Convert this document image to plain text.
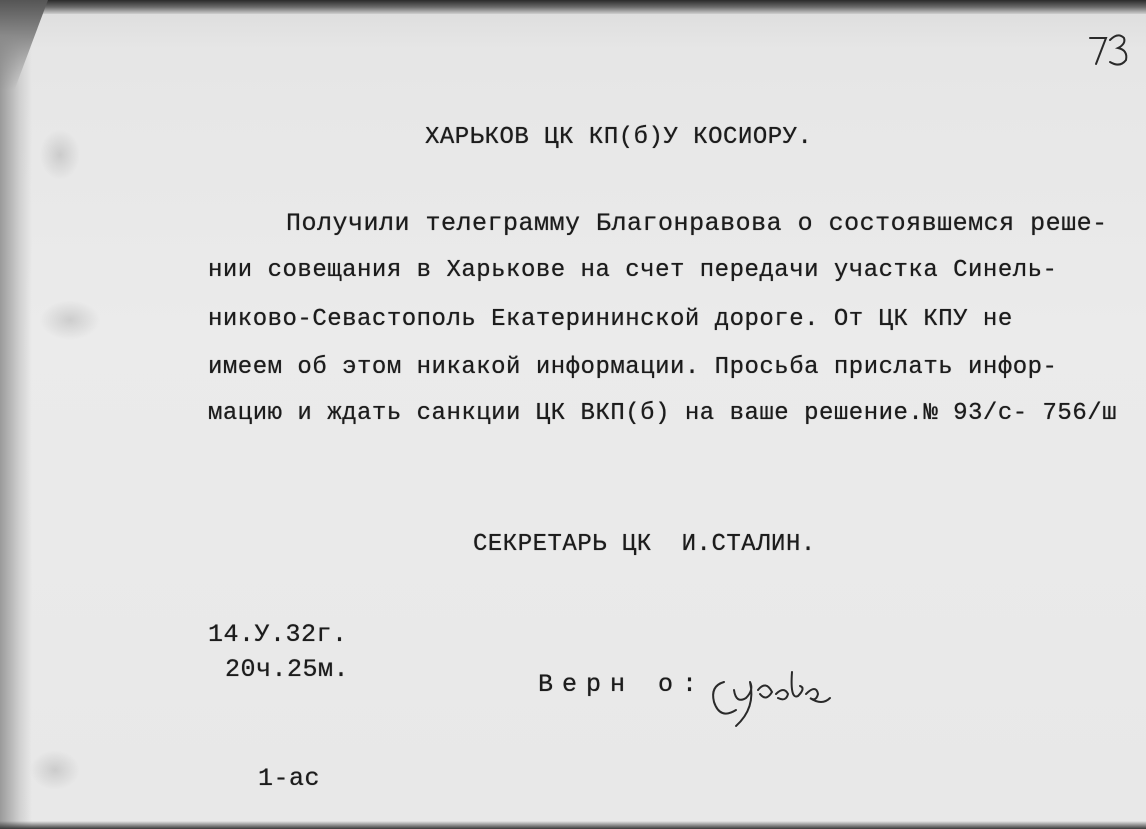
ХАРЬКОВ ЦК КП(б)У КОСИОРУ.
Получили телеграмму Благонравова о состоявшемся реше-
нии совещания в Харькове на счет передачи участка Синель-
никово-Севастополь Екатерининской дороге. От ЦК КПУ не
имеем об этом никакой информации. Просьба прислать инфор-
мацию и ждать санкции ЦК ВКП(б) на ваше решение.№ 93/с- 756/ш
СЕКРЕТАРЬ ЦК  И.СТАЛИН.
14.У.32г.
20ч.25м.
Верн о:
1-ас
